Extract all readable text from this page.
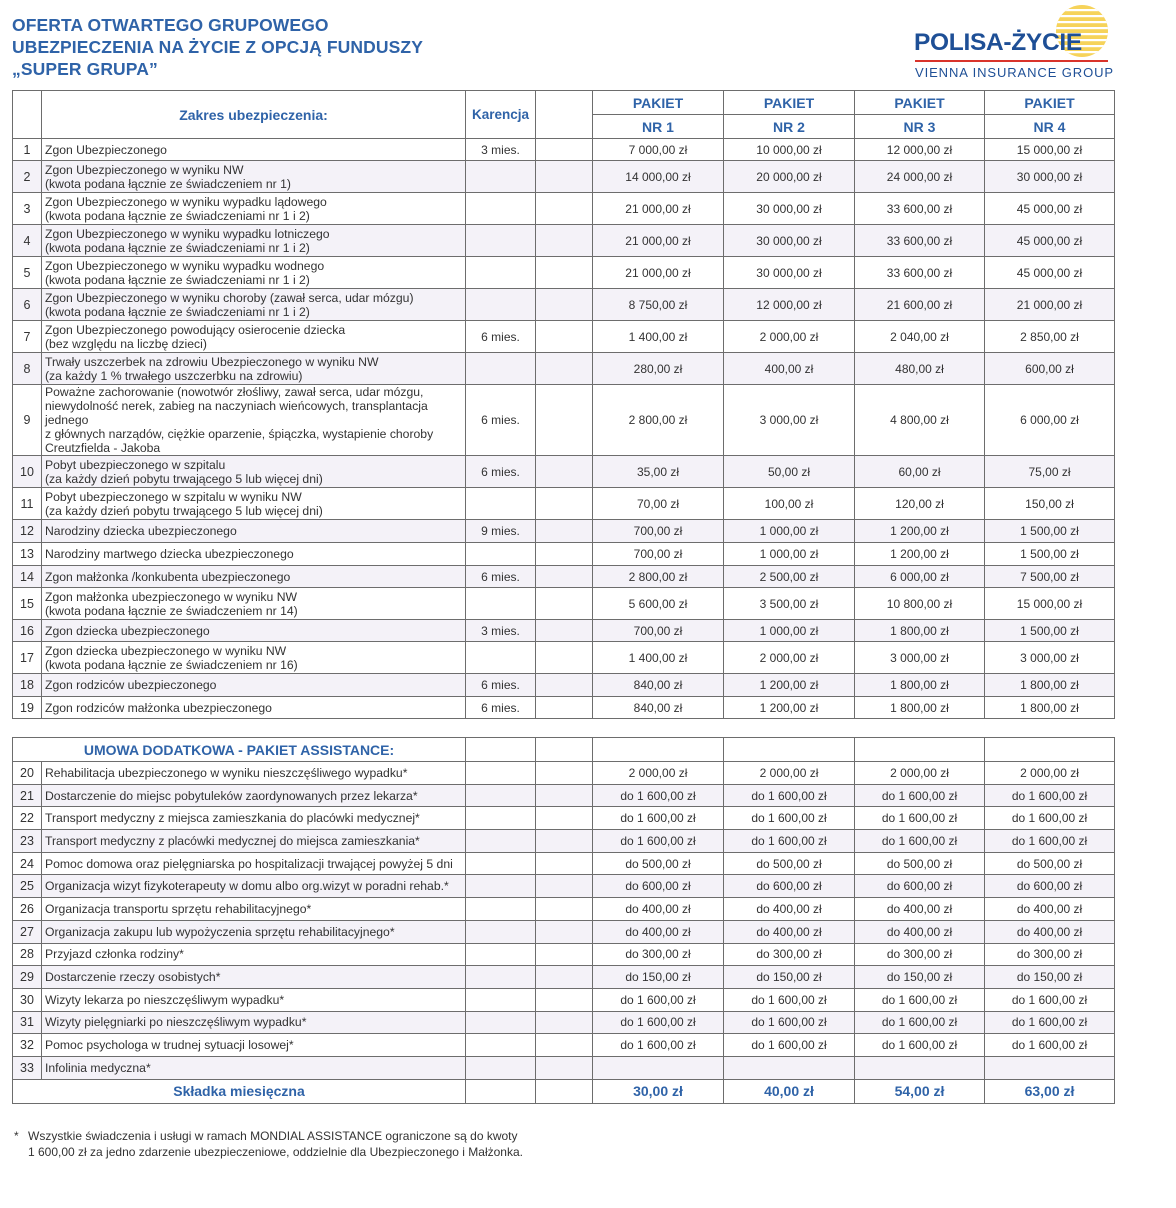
OFERTA OTWARTEGO GRUPOWEGO
UBEZPIECZENIA NA ŻYCIE Z OPCJĄ FUNDUSZY
„SUPER GRUPA”
POLISA-ŻYCIE
VIENNA INSURANCE GROUP
	Zakres ubezpieczenia:	Karencja		PAKIET	PAKIET	PAKIET	PAKIET
				NR 1	NR 2	NR 3	NR 4
1	Zgon Ubezpieczonego	3 mies.		7 000,00 zł	10 000,00 zł	12 000,00 zł	15 000,00 zł
2	Zgon Ubezpieczonego w wyniku NW
(kwota podana łącznie ze świadczeniem nr 1)			14 000,00 zł	20 000,00 zł	24 000,00 zł	30 000,00 zł
3	Zgon Ubezpieczonego w wyniku wypadku lądowego
(kwota podana łącznie ze świadczeniami nr 1 i 2)			21 000,00 zł	30 000,00 zł	33 600,00 zł	45 000,00 zł
4	Zgon Ubezpieczonego w wyniku wypadku lotniczego
(kwota podana łącznie ze świadczeniami nr 1 i 2)			21 000,00 zł	30 000,00 zł	33 600,00 zł	45 000,00 zł
5	Zgon Ubezpieczonego w wyniku wypadku wodnego
(kwota podana łącznie ze świadczeniami nr 1 i 2)			21 000,00 zł	30 000,00 zł	33 600,00 zł	45 000,00 zł
6	Zgon Ubezpieczonego w wyniku choroby (zawał serca, udar mózgu)
(kwota podana łącznie ze świadczeniami nr 1 i 2)			8 750,00 zł	12 000,00 zł	21 600,00 zł	21 000,00 zł
7	Zgon Ubezpieczonego powodujący osierocenie dziecka
(bez względu na liczbę dzieci)	6 mies.		1 400,00 zł	2 000,00 zł	2 040,00 zł	2 850,00 zł
8	Trwały uszczerbek na zdrowiu Ubezpieczonego w wyniku NW
(za każdy 1 % trwałego uszczerbku na zdrowiu)			280,00 zł	400,00 zł	480,00 zł	600,00 zł
9	Poważne zachorowanie (nowotwór złośliwy, zawał serca, udar mózgu,
niewydolność nerek, zabieg na naczyniach wieńcowych, transplantacja jednego
z głównych narządów, ciężkie oparzenie, śpiączka, wystapienie choroby
Creutzfielda - Jakoba	6 mies.		2 800,00 zł	3 000,00 zł	4 800,00 zł	6 000,00 zł
10	Pobyt ubezpieczonego w szpitalu
(za każdy dzień pobytu trwającego 5 lub więcej dni)	6 mies.		35,00 zł	50,00 zł	60,00 zł	75,00 zł
11	Pobyt ubezpieczonego w szpitalu w wyniku NW
(za każdy dzień pobytu trwającego 5 lub więcej dni)			70,00 zł	100,00 zł	120,00 zł	150,00 zł
12	Narodziny dziecka ubezpieczonego	9 mies.		700,00 zł	1 000,00 zł	1 200,00 zł	1 500,00 zł
13	Narodziny martwego dziecka ubezpieczonego			700,00 zł	1 000,00 zł	1 200,00 zł	1 500,00 zł
14	Zgon małżonka /konkubenta ubezpieczonego	6 mies.		2 800,00 zł	2 500,00 zł	6 000,00 zł	7 500,00 zł
15	Zgon małżonka ubezpieczonego w wyniku NW
(kwota podana łącznie ze świadczeniem nr 14)			5 600,00 zł	3 500,00 zł	10 800,00 zł	15 000,00 zł
16	Zgon dziecka ubezpieczonego	3 mies.		700,00 zł	1 000,00 zł	1 800,00 zł	1 500,00 zł
17	Zgon dziecka ubezpieczonego w wyniku NW
(kwota podana łącznie ze świadczeniem nr 16)			1 400,00 zł	2 000,00 zł	3 000,00 zł	3 000,00 zł
18	Zgon rodziców ubezpieczonego	6 mies.		840,00 zł	1 200,00 zł	1 800,00 zł	1 800,00 zł
19	Zgon rodziców małżonka ubezpieczonego	6 mies.		840,00 zł	1 200,00 zł	1 800,00 zł	1 800,00 zł
UMOWA DODATKOWA - PAKIET ASSISTANCE:							
20	Rehabilitacja ubezpieczonego w wyniku nieszczęśliwego wypadku*			2 000,00 zł	2 000,00 zł	2 000,00 zł	2 000,00 zł
21	Dostarczenie do miejsc pobytuleków zaordynowanych przez lekarza*			do 1 600,00 zł	do 1 600,00 zł	do 1 600,00 zł	do 1 600,00 zł
22	Transport medyczny z miejsca zamieszkania do placówki medycznej*			do 1 600,00 zł	do 1 600,00 zł	do 1 600,00 zł	do 1 600,00 zł
23	Transport medyczny z placówki medycznej do miejsca zamieszkania*			do 1 600,00 zł	do 1 600,00 zł	do 1 600,00 zł	do 1 600,00 zł
24	Pomoc domowa oraz pielęgniarska po hospitalizacji trwającej powyżej 5 dni			do 500,00 zł	do 500,00 zł	do 500,00 zł	do 500,00 zł
25	Organizacja wizyt fizykoterapeuty w domu albo org.wizyt w poradni rehab.*			do 600,00 zł	do 600,00 zł	do 600,00 zł	do 600,00 zł
26	Organizacja transportu sprzętu rehabilitacyjnego*			do 400,00 zł	do 400,00 zł	do 400,00 zł	do 400,00 zł
27	Organizacja zakupu lub wypożyczenia sprzętu rehabilitacyjnego*			do 400,00 zł	do 400,00 zł	do 400,00 zł	do 400,00 zł
28	Przyjazd członka rodziny*			do 300,00 zł	do 300,00 zł	do 300,00 zł	do 300,00 zł
29	Dostarczenie rzeczy osobistych*			do 150,00 zł	do 150,00 zł	do 150,00 zł	do 150,00 zł
30	Wizyty lekarza po nieszczęśliwym wypadku*			do 1 600,00 zł	do 1 600,00 zł	do 1 600,00 zł	do 1 600,00 zł
31	Wizyty pielęgniarki po nieszczęśliwym wypadku*			do 1 600,00 zł	do 1 600,00 zł	do 1 600,00 zł	do 1 600,00 zł
32	Pomoc psychologa w trudnej sytuacji losowej*			do 1 600,00 zł	do 1 600,00 zł	do 1 600,00 zł	do 1 600,00 zł
33	Infolinia medyczna*						
Składka miesięczna				30,00 zł	40,00 zł	54,00 zł	63,00 zł
* Wszystkie świadczenia i usługi w ramach MONDIAL ASSISTANCE ograniczone są do kwoty
1 600,00 zł za jedno zdarzenie ubezpieczeniowe, oddzielnie dla Ubezpieczonego i Małżonka.
